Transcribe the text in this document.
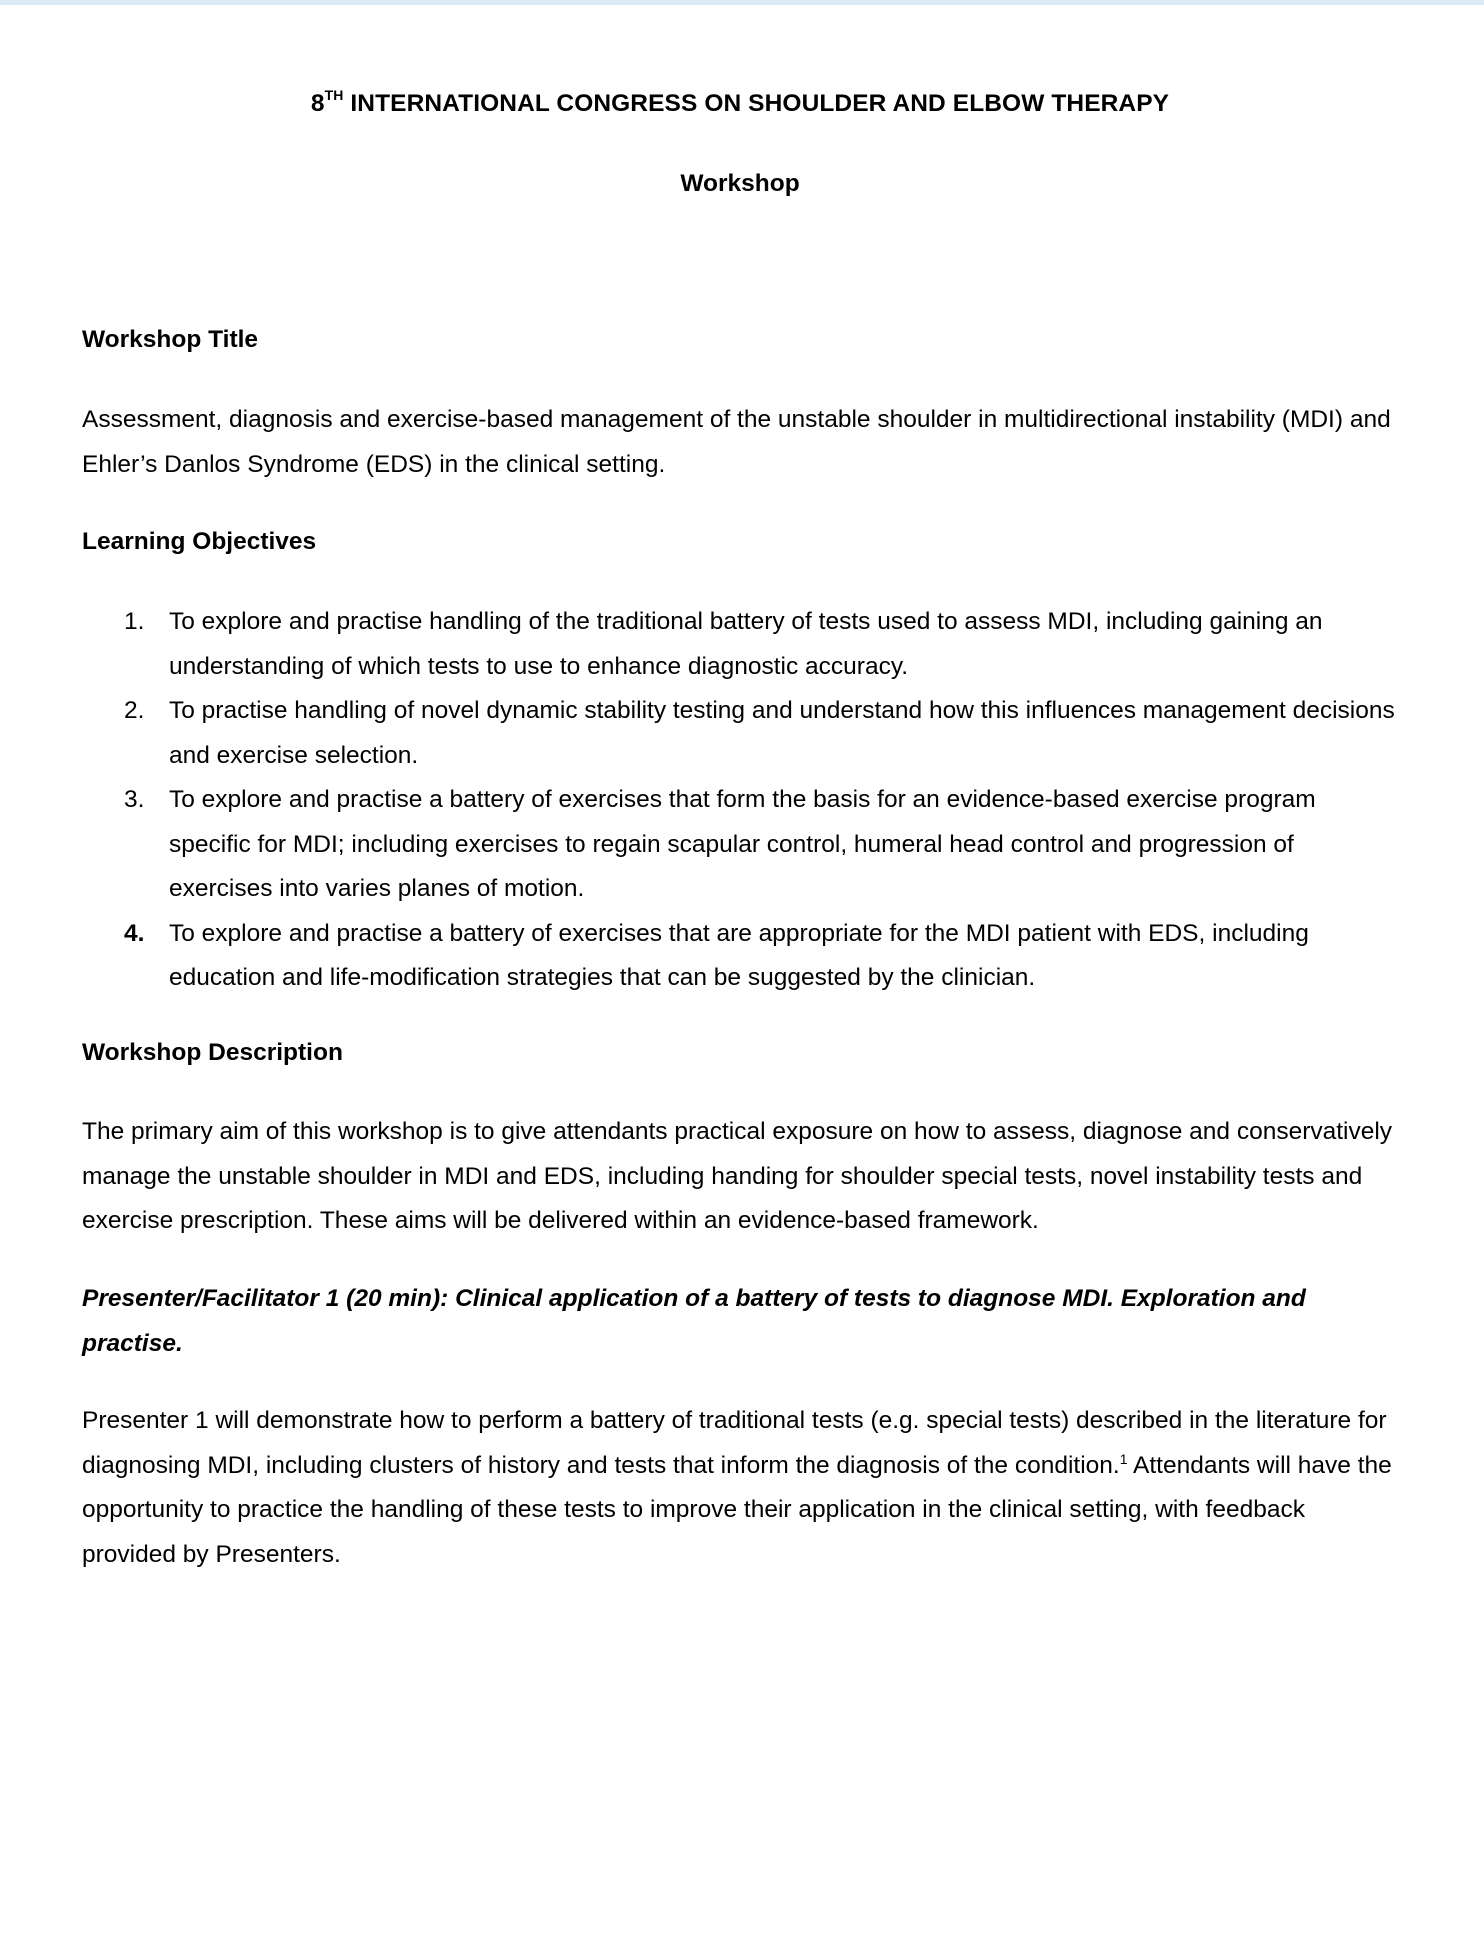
8TH INTERNATIONAL CONGRESS ON SHOULDER AND ELBOW THERAPY
Workshop
Workshop Title
Assessment, diagnosis and exercise-based management of the unstable shoulder in multidirectional instability (MDI) and Ehler’s Danlos Syndrome (EDS) in the clinical setting.
Learning Objectives
1. To explore and practise handling of the traditional battery of tests used to assess MDI, including gaining an understanding of which tests to use to enhance diagnostic accuracy.
2. To practise handling of novel dynamic stability testing and understand how this influences management decisions and exercise selection.
3. To explore and practise a battery of exercises that form the basis for an evidence-based exercise program specific for MDI; including exercises to regain scapular control, humeral head control and progression of exercises into varies planes of motion.
4. To explore and practise a battery of exercises that are appropriate for the MDI patient with EDS, including education and life-modification strategies that can be suggested by the clinician.
Workshop Description
The primary aim of this workshop is to give attendants practical exposure on how to assess, diagnose and conservatively manage the unstable shoulder in MDI and EDS, including handing for shoulder special tests, novel instability tests and exercise prescription. These aims will be delivered within an evidence-based framework.
Presenter/Facilitator 1 (20 min): Clinical application of a battery of tests to diagnose MDI. Exploration and practise.
Presenter 1 will demonstrate how to perform a battery of traditional tests (e.g. special tests) described in the literature for diagnosing MDI, including clusters of history and tests that inform the diagnosis of the condition.$^1$ Attendants will have the opportunity to practice the handling of these tests to improve their application in the clinical setting, with feedback provided by Presenters.
